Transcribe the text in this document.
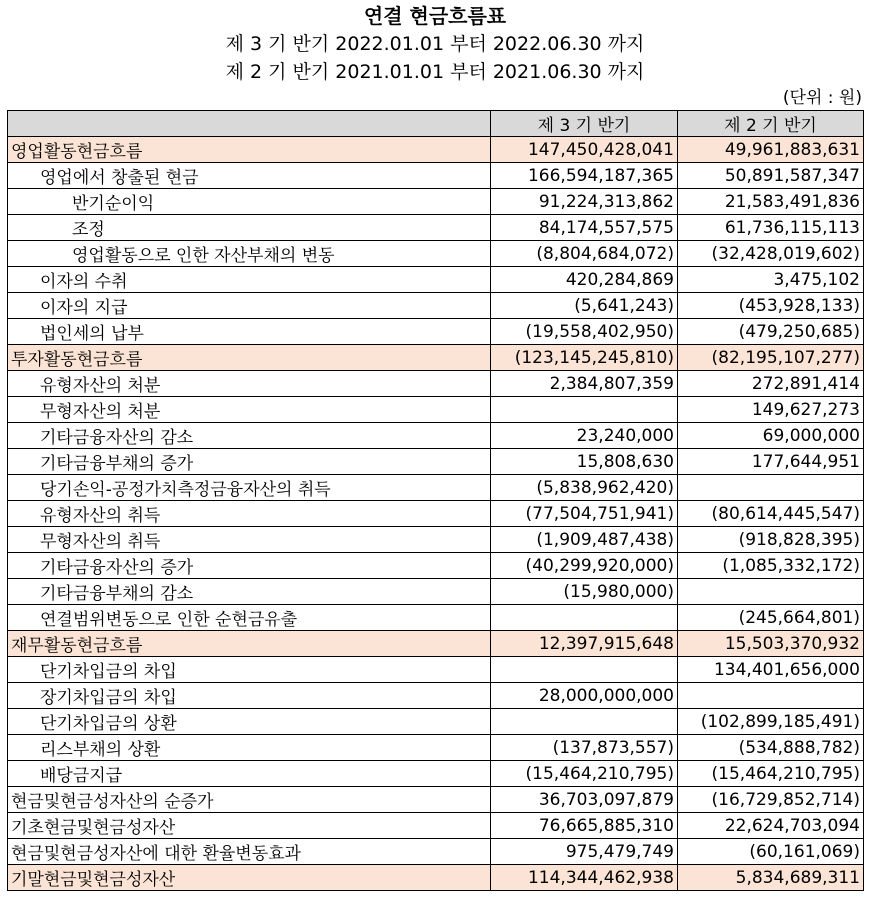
연결 현금흐름표
제 3 기 반기 2022.01.01 부터 2022.06.30 까지
제 2 기 반기 2021.01.01 부터 2021.06.30 까지
(단위 : 원)
	제 3 기 반기	제 2 기 반기
영업활동현금흐름	147,450,428,041	49,961,883,631
영업에서 창출된 현금	166,594,187,365	50,891,587,347
반기순이익	91,224,313,862	21,583,491,836
조정	84,174,557,575	61,736,115,113
영업활동으로 인한 자산부채의 변동	(8,804,684,072)	(32,428,019,602)
이자의 수취	420,284,869	3,475,102
이자의 지급	(5,641,243)	(453,928,133)
법인세의 납부	(19,558,402,950)	(479,250,685)
투자활동현금흐름	(123,145,245,810)	(82,195,107,277)
유형자산의 처분	2,384,807,359	272,891,414
무형자산의 처분		149,627,273
기타금융자산의 감소	23,240,000	69,000,000
기타금융부채의 증가	15,808,630	177,644,951
당기손익-공정가치측정금융자산의 취득	(5,838,962,420)	
유형자산의 취득	(77,504,751,941)	(80,614,445,547)
무형자산의 취득	(1,909,487,438)	(918,828,395)
기타금융자산의 증가	(40,299,920,000)	(1,085,332,172)
기타금융부채의 감소	(15,980,000)	
연결범위변동으로 인한 순현금유출		(245,664,801)
재무활동현금흐름	12,397,915,648	15,503,370,932
단기차입금의 차입		134,401,656,000
장기차입금의 차입	28,000,000,000	
단기차입금의 상환		(102,899,185,491)
리스부채의 상환	(137,873,557)	(534,888,782)
배당금지급	(15,464,210,795)	(15,464,210,795)
현금및현금성자산의 순증가	36,703,097,879	(16,729,852,714)
기초현금및현금성자산	76,665,885,310	22,624,703,094
현금및현금성자산에 대한 환율변동효과	975,479,749	(60,161,069)
기말현금및현금성자산	114,344,462,938	5,834,689,311
